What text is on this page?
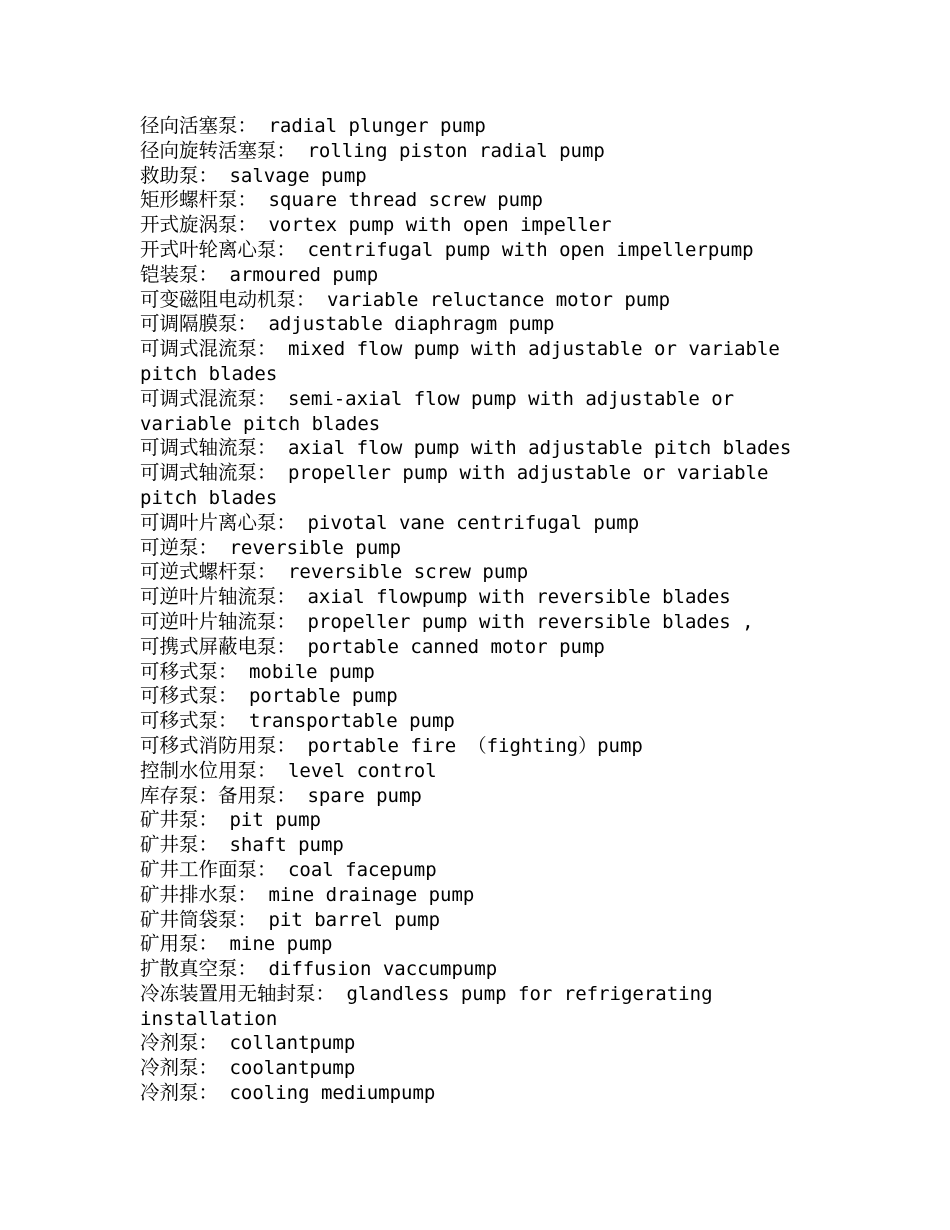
径向活塞泵： radial plunger pump
径向旋转活塞泵： rolling piston radial pump
救助泵： salvage pump
矩形螺杆泵： square thread screw pump
开式旋涡泵： vortex pump with open impeller
开式叶轮离心泵： centrifugal pump with open impellerpump
铠装泵： armoured pump
可变磁阻电动机泵： variable reluctance motor pump
可调隔膜泵： adjustable diaphragm pump
可调式混流泵： mixed flow pump with adjustable or variable pitch blades
可调式混流泵： semi-axial flow pump with adjustable or variable pitch blades
可调式轴流泵： axial flow pump with adjustable pitch blades
可调式轴流泵： propeller pump with adjustable or variable pitch blades
可调叶片离心泵： pivotal vane centrifugal pump
可逆泵： reversible pump
可逆式螺杆泵： reversible screw pump
可逆叶片轴流泵： axial flowpump with reversible blades
可逆叶片轴流泵： propeller pump with reversible blades ,
可携式屏蔽电泵： portable canned motor pump
可移式泵： mobile pump
可移式泵： portable pump
可移式泵： transportable pump
可移式消防用泵： portable fire （fighting）pump
控制水位用泵： level control
库存泵：备用泵： spare pump
矿井泵： pit pump
矿井泵： shaft pump
矿井工作面泵： coal facepump
矿井排水泵： mine drainage pump
矿井筒袋泵： pit barrel pump
矿用泵： mine pump
扩散真空泵： diffusion vaccumpump
冷冻装置用无轴封泵： glandless pump for refrigerating installation
冷剂泵： collantpump
冷剂泵： coolantpump
冷剂泵： cooling mediumpump
